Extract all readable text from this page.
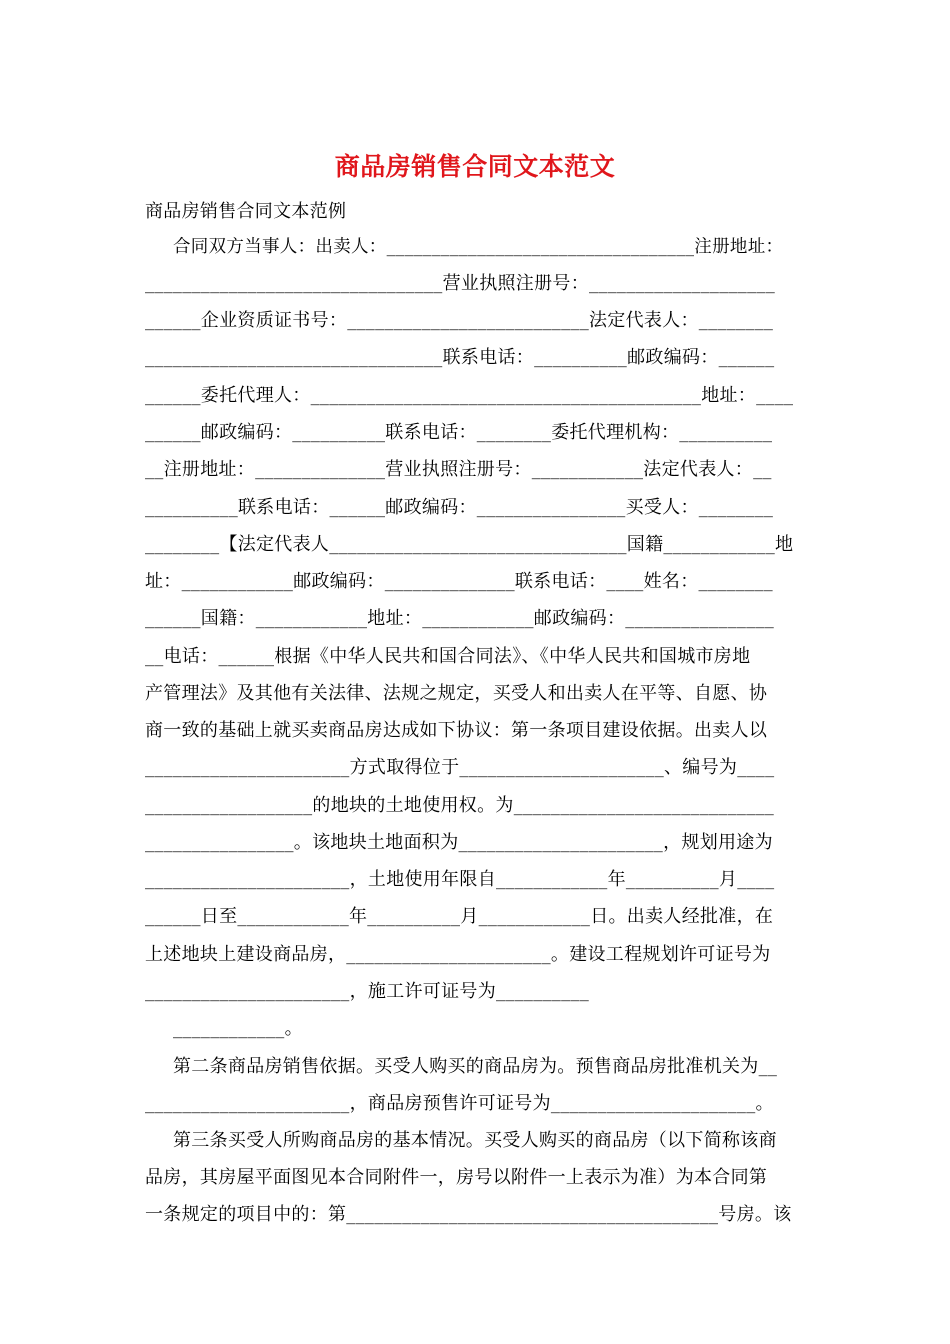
商品房销售合同文本范文
商品房销售合同文本范例
合同双方当事人：出卖人：__________________________________注册地址：
________________________________营业执照注册号：____________________
______企业资质证书号：__________________________法定代表人：________
________________________________联系电话：__________邮政编码：______
______委托代理人：__________________________________________地址：____
______邮政编码：__________联系电话：________委托代理机构：__________
__注册地址：______________营业执照注册号：____________法定代表人：__
__________联系电话：______邮政编码：________________买受人：________
________【法定代表人________________________________国籍____________地
址：____________邮政编码：______________联系电话：____姓名：________
______国籍：____________地址：____________邮政编码：________________
__电话：______根据《中华人民共和国合同法》、《中华人民共和国城市房地
产管理法》及其他有关法律、法规之规定，买受人和出卖人在平等、自愿、协
商一致的基础上就买卖商品房达成如下协议：第一条项目建设依据。出卖人以
______________________方式取得位于______________________、编号为____
__________________的地块的土地使用权。为____________________________
________________。该地块土地面积为______________________，规划用途为
______________________，土地使用年限自____________年__________月____
______日至____________年__________月____________日。出卖人经批准，在
上述地块上建设商品房，______________________。建设工程规划许可证号为
______________________，施工许可证号为__________
____________。
第二条商品房销售依据。买受人购买的商品房为。预售商品房批准机关为__
______________________，商品房预售许可证号为______________________。
第三条买受人所购商品房的基本情况。买受人购买的商品房（以下简称该商
品房，其房屋平面图见本合同附件一，房号以附件一上表示为准）为本合同第
一条规定的项目中的：第________________________________________号房。该
